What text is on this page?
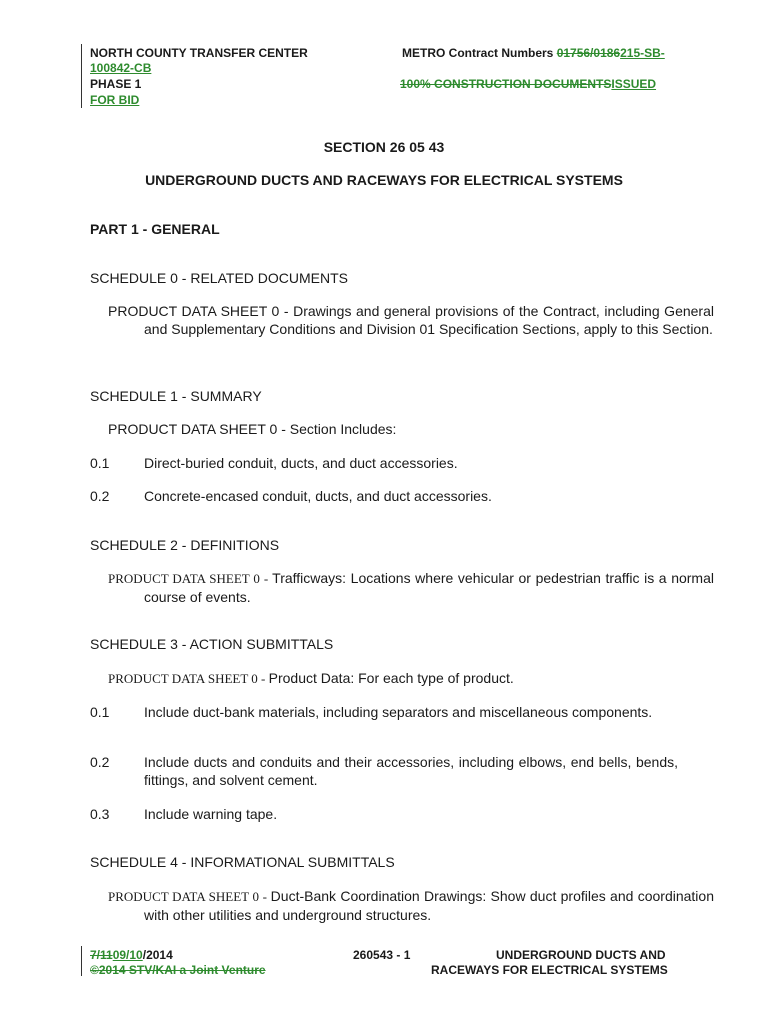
NORTH COUNTY TRANSFER CENTER	METRO Contract Numbers 01756/0186215-SB-
100842-CB
PHASE 1	100% CONSTRUCTION DOCUMENTSISSUED
FOR BID
SECTION 26 05 43
UNDERGROUND DUCTS AND RACEWAYS FOR ELECTRICAL SYSTEMS
PART 1 - GENERAL
SCHEDULE 0 - RELATED DOCUMENTS
PRODUCT DATA SHEET 0 - Drawings and general provisions of the Contract, including General and Supplementary Conditions and Division 01 Specification Sections, apply to this Section.
SCHEDULE 1 - SUMMARY
PRODUCT DATA SHEET 0 - Section Includes:
0.1 Direct-buried conduit, ducts, and duct accessories.
0.2 Concrete-encased conduit, ducts, and duct accessories.
SCHEDULE 2 - DEFINITIONS
PRODUCT DATA SHEET 0 - Trafficways: Locations where vehicular or pedestrian traffic is a normal course of events.
SCHEDULE 3 - ACTION SUBMITTALS
PRODUCT DATA SHEET 0 - Product Data: For each type of product.
0.1 Include duct-bank materials, including separators and miscellaneous components.
0.2 Include ducts and conduits and their accessories, including elbows, end bells, bends, fittings, and solvent cement.
0.3 Include warning tape.
SCHEDULE 4 - INFORMATIONAL SUBMITTALS
PRODUCT DATA SHEET 0 - Duct-Bank Coordination Drawings: Show duct profiles and coordination with other utilities and underground structures.
7/1109/10/2014
©2014 STV/KAI a Joint Venture
260543 - 1	UNDERGROUND DUCTS AND
RACEWAYS FOR ELECTRICAL SYSTEMS
